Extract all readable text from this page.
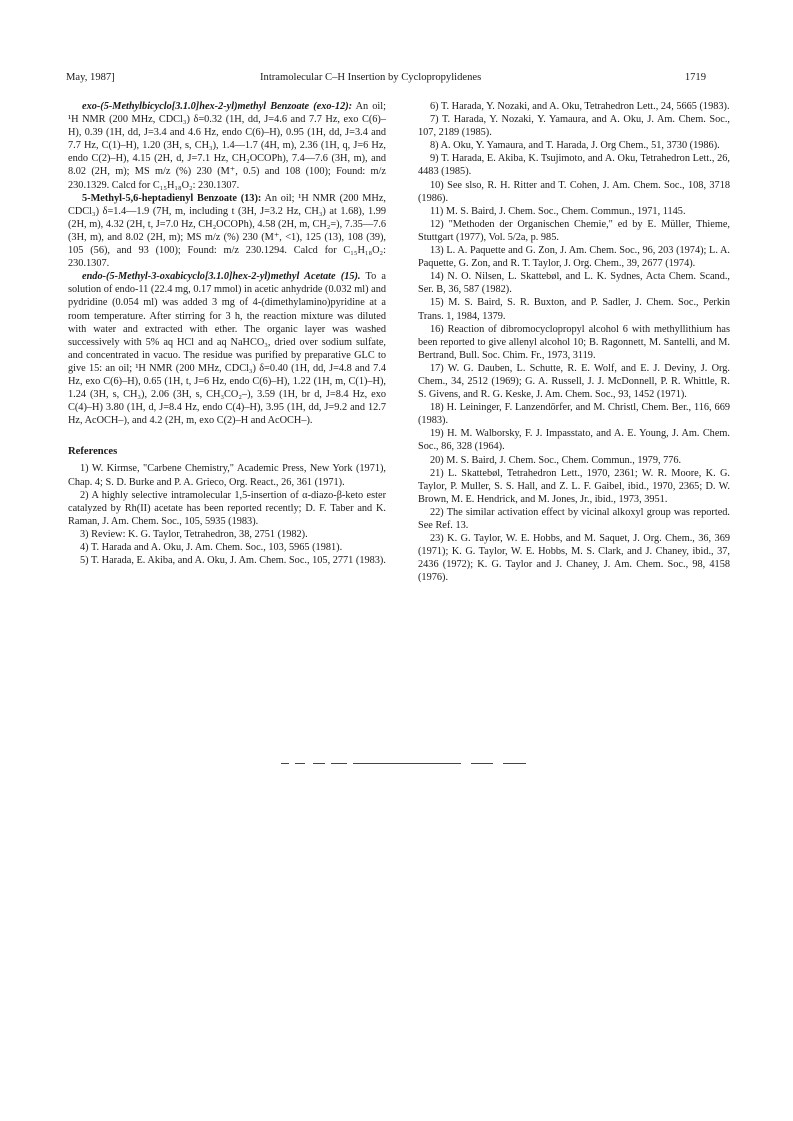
May, 1987]	Intramolecular C–H Insertion by Cyclopropylidenes	1719

exo-(5-Methylbicyclo[3.1.0]hex-2-yl)methyl Benzoate (exo-12): An oil; ¹H NMR (200 MHz, CDCl₃) δ=0.32 (1H, dd, J=4.6 and 7.7 Hz, exo C(6)–H), 0.39 (1H, dd, J=3.4 and 4.6 Hz, endo C(6)–H), 0.95 (1H, dd, J=3.4 and 7.7 Hz, C(1)–H), 1.20 (3H, s, CH₃), 1.4—1.7 (4H, m), 2.36 (1H, q, J=6 Hz, endo C(2)–H), 4.15 (2H, d, J=7.1 Hz, CH₂OCOPh), 7.4—7.6 (3H, m), and 8.02 (2H, m); MS m/z (%) 230 (M⁺, 0.5) and 108 (100); Found: m/z 230.1329. Calcd for C₁₅H₁₈O₂: 230.1307.

5-Methyl-5,6-heptadienyl Benzoate (13): An oil; ¹H NMR (200 MHz, CDCl₃) δ=1.4—1.9 (7H, m, including t (3H, J=3.2 Hz, CH₃) at 1.68), 1.99 (2H, m), 4.32 (2H, t, J=7.0 Hz, CH₂OCOPh), 4.58 (2H, m, CH₂=), 7.35—7.6 (3H, m), and 8.02 (2H, m); MS m/z (%) 230 (M⁺, <1), 125 (13), 108 (39), 105 (56), and 93 (100); Found: m/z 230.1294. Calcd for C₁₅H₁₈O₂: 230.1307.

endo-(5-Methyl-3-oxabicyclo[3.1.0]hex-2-yl)methyl Acetate (15). To a solution of endo-11 (22.4 mg, 0.17 mmol) in acetic anhydride (0.032 ml) and pydridine (0.054 ml) was added 3 mg of 4-(dimethylamino)pyridine at a room temperature. After stirring for 3 h, the reaction mixture was diluted with water and extracted with ether. The organic layer was washed successively with 5% aq HCl and aq NaHCO₃, dried over sodium sulfate, and concentrated in vacuo. The residue was purified by preparative GLC to give 15: an oil; ¹H NMR (200 MHz, CDCl₃) δ=0.40 (1H, dd, J=4.8 and 7.4 Hz, exo C(6)–H), 0.65 (1H, t, J=6 Hz, endo C(6)–H), 1.22 (1H, m, C(1)–H), 1.24 (3H, s, CH₃), 2.06 (3H, s, CH₃CO₂–), 3.59 (1H, br d, J=8.4 Hz, exo C(4)–H) 3.80 (1H, d, J=8.4 Hz, endo C(4)–H), 3.95 (1H, dd, J=9.2 and 12.7 Hz, AcOCH–), and 4.2 (2H, m, exo C(2)–H and AcOCH–).

References
1) W. Kirmse, "Carbene Chemistry," Academic Press, New York (1971), Chap. 4; S. D. Burke and P. A. Grieco, Org. React., 26, 361 (1971).
2) A highly selective intramolecular 1,5-insertion of α-diazo-β-keto ester catalyzed by Rh(II) acetate has been reported recently; D. F. Taber and K. Raman, J. Am. Chem. Soc., 105, 5935 (1983).
3) Review: K. G. Taylor, Tetrahedron, 38, 2751 (1982).
4) T. Harada and A. Oku, J. Am. Chem. Soc., 103, 5965 (1981).
5) T. Harada, E. Akiba, and A. Oku, J. Am. Chem. Soc., 105, 2771 (1983).
6) T. Harada, Y. Nozaki, and A. Oku, Tetrahedron Lett., 24, 5665 (1983).
7) T. Harada, Y. Nozaki, Y. Yamaura, and A. Oku, J. Am. Chem. Soc., 107, 2189 (1985).
8) A. Oku, Y. Yamaura, and T. Harada, J. Org Chem., 51, 3730 (1986).
9) T. Harada, E. Akiba, K. Tsujimoto, and A. Oku, Tetrahedron Lett., 26, 4483 (1985).
10) See slso, R. H. Ritter and T. Cohen, J. Am. Chem. Soc., 108, 3718 (1986).
11) M. S. Baird, J. Chem. Soc., Chem. Commun., 1971, 1145.
12) "Methoden der Organischen Chemie," ed by E. Müller, Thieme, Stuttgart (1977), Vol. 5/2a, p. 985.
13) L. A. Paquette and G. Zon, J. Am. Chem. Soc., 96, 203 (1974); L. A. Paquette, G. Zon, and R. T. Taylor, J. Org. Chem., 39, 2677 (1974).
14) N. O. Nilsen, L. Skattebøl, and L. K. Sydnes, Acta Chem. Scand., Ser. B, 36, 587 (1982).
15) M. S. Baird, S. R. Buxton, and P. Sadler, J. Chem. Soc., Perkin Trans. 1, 1984, 1379.
16) Reaction of dibromocyclopropyl alcohol 6 with methyllithium has been reported to give allenyl alcohol 10; B. Ragonnett, M. Santelli, and M. Bertrand, Bull. Soc. Chim. Fr., 1973, 3119.
17) W. G. Dauben, L. Schutte, R. E. Wolf, and E. J. Deviny, J. Org. Chem., 34, 2512 (1969); G. A. Russell, J. J. McDonnell, P. R. Whittle, R. S. Givens, and R. G. Keske, J. Am. Chem. Soc., 93, 1452 (1971).
18) H. Leininger, F. Lanzendörfer, and M. Christl, Chem. Ber., 116, 669 (1983).
19) H. M. Walborsky, F. J. Impasstato, and A. E. Young, J. Am. Chem. Soc., 86, 328 (1964).
20) M. S. Baird, J. Chem. Soc., Chem. Commun., 1979, 776.
21) L. Skattebøl, Tetrahedron Lett., 1970, 2361; W. R. Moore, K. G. Taylor, P. Muller, S. S. Hall, and Z. L. F. Gaibel, ibid., 1970, 2365; D. W. Brown, M. E. Hendrick, and M. Jones, Jr., ibid., 1973, 3951.
22) The similar activation effect by vicinal alkoxyl group was reported. See Ref. 13.
23) K. G. Taylor, W. E. Hobbs, and M. Saquet, J. Org. Chem., 36, 369 (1971); K. G. Taylor, W. E. Hobbs, M. S. Clark, and J. Chaney, ibid., 37, 2436 (1972); K. G. Taylor and J. Chaney, J. Am. Chem. Soc., 98, 4158 (1976).
